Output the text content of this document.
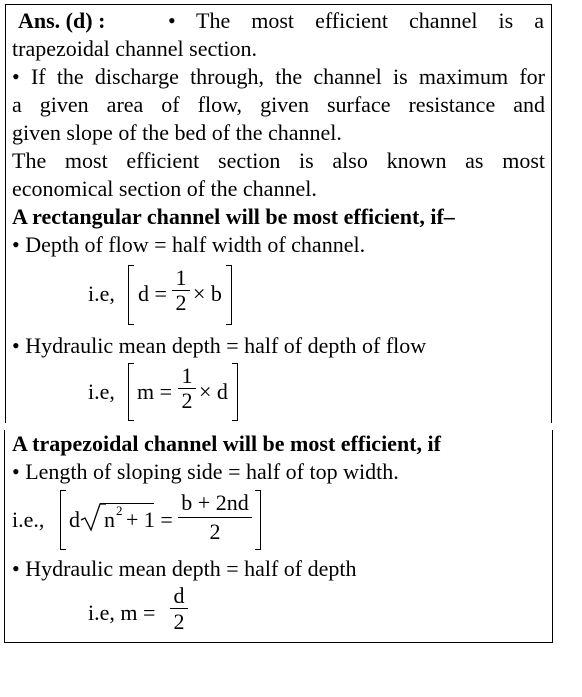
Ans. (d) :	• The most efficient channel is a
trapezoidal channel section.
• If the discharge through, the channel is maximum for
a given area of flow, given surface resistance and
given slope of the bed of the channel.
The most efficient section is also known as most
economical section of the channel.
A rectangular channel will be most efficient, if–
• Depth of flow = half width of channel.
i.e, d =
1
2 × b
• Hydraulic mean depth = half of depth of flow
i.e, m =
1
2 × d
A trapezoidal channel will be most efficient, if
• Length of sloping side = half of top width.
i.e., d n 2 + 1 =
b + 2nd
2
• Hydraulic mean depth = half of depth
i.e, m =
d
2
